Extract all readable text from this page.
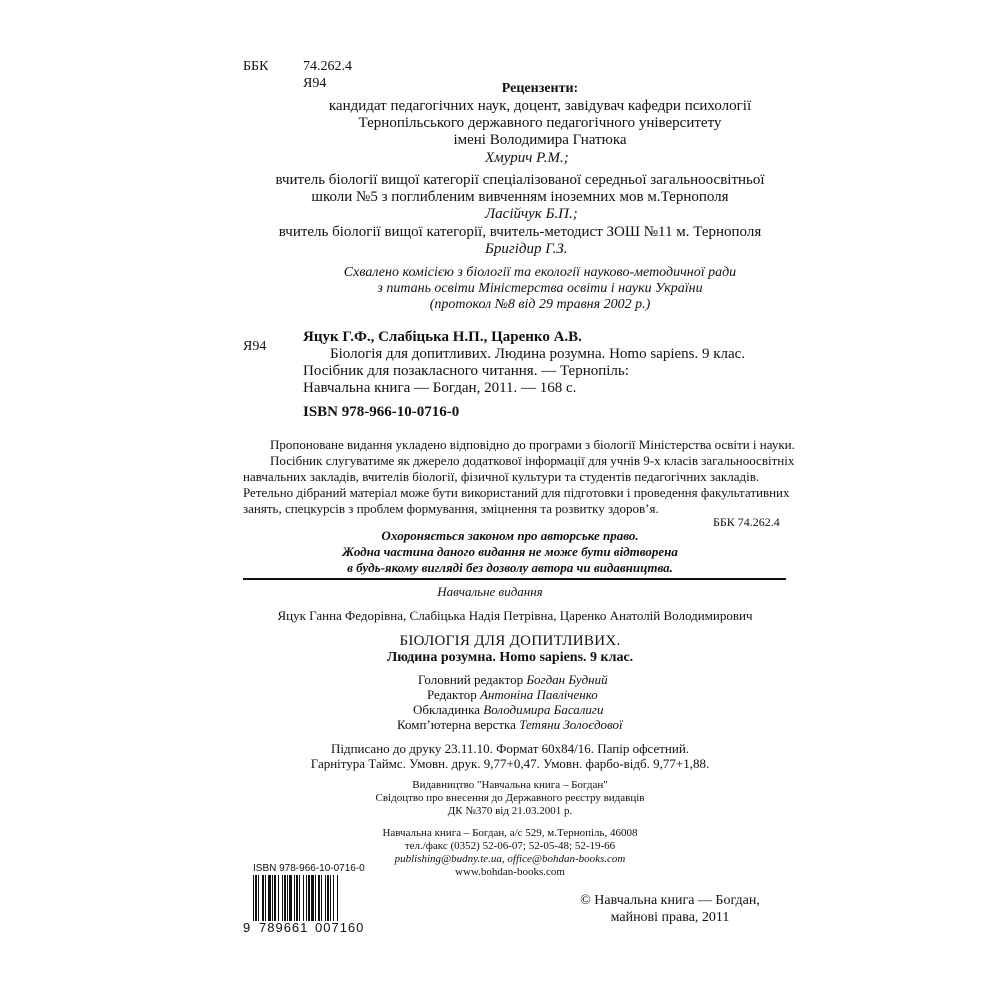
ББК 74.262.4
Я94	Рецензенти:
кандидат педагогічних наук, доцент, завідувач кафедри психології
Тернопільського державного педагогічного університету
імені Володимира Гнатюка
Хмурич Р.М.;
вчитель біології вищої категорії спеціалізованої середньої загальноосвітньої
школи №5 з поглибленим вивченням іноземних мов м.Тернополя
Ласійчук Б.П.;
вчитель біології вищої категорії, вчитель-методист ЗОШ №11 м. Тернополя
Бригідир Г.З.
Схвалено комісією з біології та екології науково-методичної ради
з питань освіти Міністерства освіти і науки України
(протокол №8 від 29 травня 2002 р.)
Я94
Яцук Г.Ф., Слабіцька Н.П., Царенко А.В.
Біологія для допитливих. Людина розумна. Homo sapiens. 9 клас.
Посібник для позакласного читання. — Тернопіль:
Навчальна книга — Богдан, 2011. — 168 с.
ISBN 978-966-10-0716-0
Пропоноване видання укладено відповідно до програми з біології Міністерства освіти і науки.
Посібник слугуватиме як джерело додаткової інформації для учнів 9-х класів загальноосвітніх
навчальних закладів, вчителів біології, фізичної культури та студентів педагогічних закладів.
Ретельно дібраний матеріал може бути використаний для підготовки і проведення факультативних
занять, спецкурсів з проблем формування, зміцнення та розвитку здоров’я.
ББК 74.262.4
Охороняється законом про авторське право.
Жодна частина даного видання не може бути відтворена
в будь-якому вигляді без дозволу автора чи видавництва.
Навчальне видання
Яцук Ганна Федорівна, Слабіцька Надія Петрівна, Царенко Анатолій Володимирович
БІОЛОГІЯ ДЛЯ ДОПИТЛИВИХ.
Людина розумна. Homo sapiens. 9 клас.
Головний редактор Богдан Будний
Редактор Антоніна Павліченко
Обкладинка Володимира Басалиги
Комп’ютерна верстка Тетяни Золоєдової
Підписано до друку 23.11.10. Формат 60х84/16. Папір офсетний.
Гарнітура Таймс. Умовн. друк. 9,77+0,47. Умовн. фарбо-відб. 9,77+1,88.
Видавництво "Навчальна книга – Богдан"
Свідоцтво про внесення до Державного реєстру видавців
ДК №370 від 21.03.2001 р.
Навчальна книга – Богдан, а/с 529, м.Тернопіль, 46008
тел./факс (0352) 52-06-07; 52-05-48; 52-19-66
publishing@budny.te.ua, office@bohdan-books.com
www.bohdan-books.com
ISBN 978-966-10-0716-0
9 789661 007160
© Навчальна книга — Богдан,
майнові права, 2011
